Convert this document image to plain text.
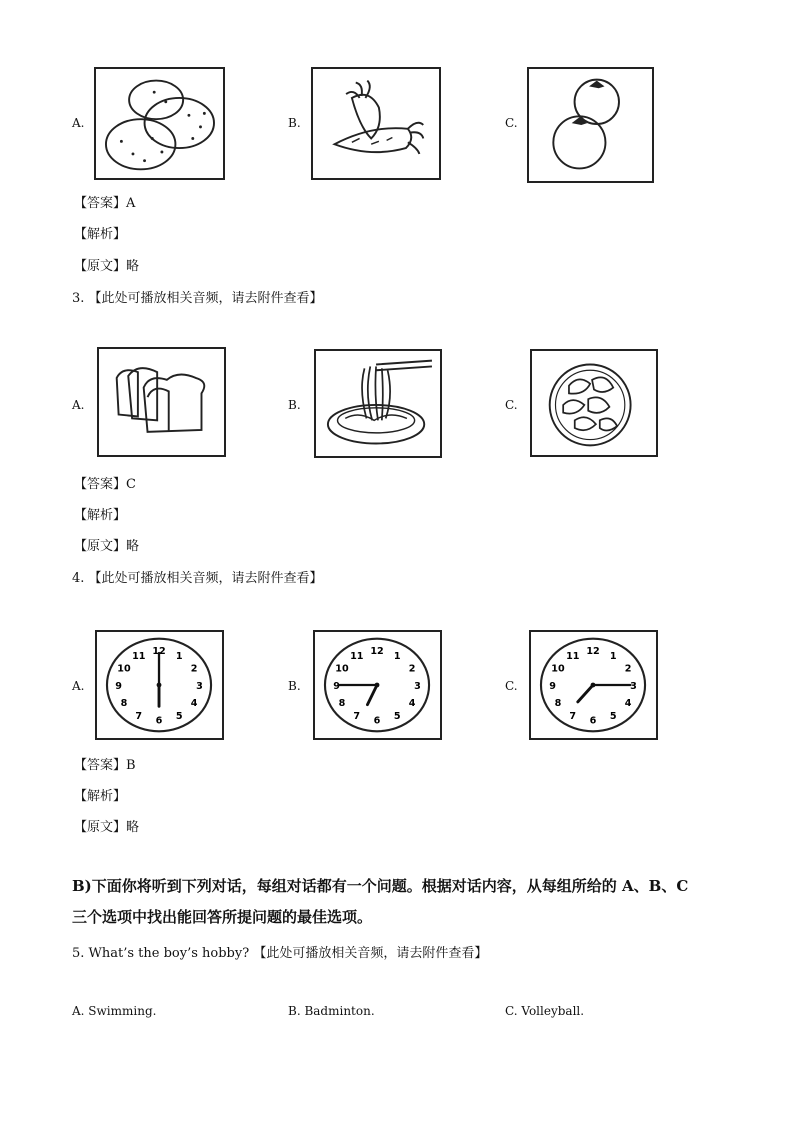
A.	B.	C.
【答案】A
【解析】
【原文】略
3. 【此处可播放相关音频，请去附件查看】
A.	B.	C.
【答案】C
【解析】
【原文】略
4. 【此处可播放相关音频，请去附件查看】
A.
1
2
3
4
5
6
7
8
9
10
11 12
B.
1
2
3
4
5
6
7
8
9
10
11 12
C.
1
2
3
4
5
6
7
8
9
10
11 12
【答案】B
【解析】
【原文】略
B)下面你将听到下列对话，每组对话都有一个问题。根据对话内容，从每组所给的 A、B、C
三个选项中找出能回答所提问题的最佳选项。
5. What’s the boy’s hobby? 【此处可播放相关音频，请去附件查看】
A. Swimming.	B. Badminton.	C. Volleyball.
